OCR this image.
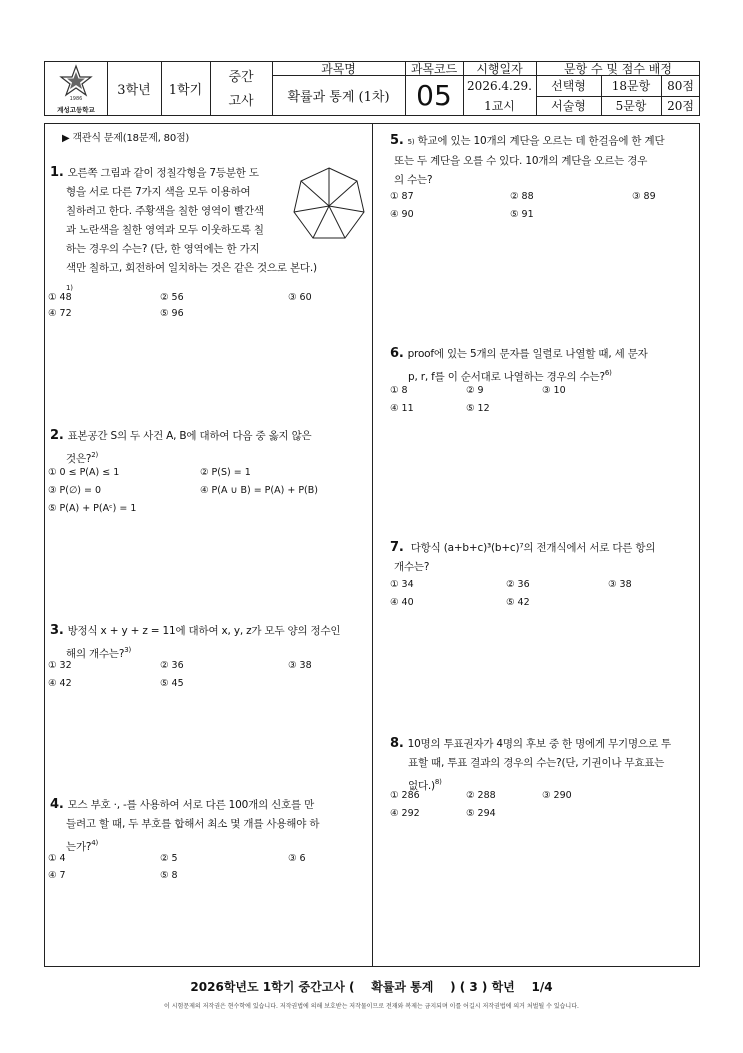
1986
계성고등학교
3학년	1학기
중간
고사
과목명
확률과 통계 (1차)
과목코드
05
시행일자
2026.4.29.
1교시
문항 수 및 점수 배정
선택형	18문항	80점
서술형	5문항	20점
▶ 객관식 문제(18문제, 80점)
1. 오른쪽 그림과 같이 정칠각형을 7등분한 도
형을 서로 다른 7가지 색을 모두 이용하여
칠하려고 한다. 주황색을 칠한 영역이 빨간색
과 노란색을 칠한 영역과 모두 이웃하도록 칠
하는 경우의 수는? (단, 한 영역에는 한 가지
색만 칠하고, 회전하여 일치하는 것은 같은 것으로 본다.)
1)
① 48	② 56	③ 60
④ 72	⑤ 96
2. 표본공간 S의 두 사건 A, B에 대하여 다음 중 옳지 않은
것은?$^{2)}$
① 0 ≤ P(A) ≤ 1	② P(S) = 1
③ P(∅) = 0	④ P(A ∪ B) = P(A) + P(B)
⑤ P(A) + P(Aᶜ) = 1
3. 방정식 x + y + z = 11에 대하여 x, y, z가 모두 양의 정수인
해의 개수는?$^{3)}$
① 32	② 36	③ 38
④ 42	⑤ 45
4. 모스 부호 ·, -를 사용하여 서로 다른 100개의 신호를 만
들려고 할 때, 두 부호를 합해서 최소 몇 개를 사용해야 하
는가?$^{4)}$
① 4	② 5	③ 6
④ 7	⑤ 8
5. 5) 학교에 있는 10개의 계단을 오르는 데 한걸음에 한 계단
또는 두 계단을 오를 수 있다. 10개의 계단을 오르는 경우
의 수는?
① 87	② 88	③ 89
④ 90	⑤ 91
6. proof에 있는 5개의 문자를 일렬로 나열할 때, 세 문자
p, r, f를 이 순서대로 나열하는 경우의 수는?$^{6)}$
① 8	② 9	③ 10
④ 11	⑤ 12
7. 다항식 (a+b+c)³(b+c)⁷의 전개식에서 서로 다른 항의
개수는?
① 34	② 36	③ 38
④ 40	⑤ 42
8. 10명의 투표권자가 4명의 후보 중 한 명에게 무기명으로 투
표할 때, 투표 결과의 경우의 수는?(단, 기권이나 무효표는
없다.)$^{8)}$
① 286	② 288	③ 290
④ 292	⑤ 294
2026학년도 1학기 중간고사 (    확률과 통계    ) ( 3 ) 학년    1/4
이 시험문제의 저작권은 현수학에 있습니다. 저작권법에 의해 보호받는 저작물이므로 전재와 복제는 금지되며 이를 어길시 저작권법에 의거 처벌될 수 있습니다.
